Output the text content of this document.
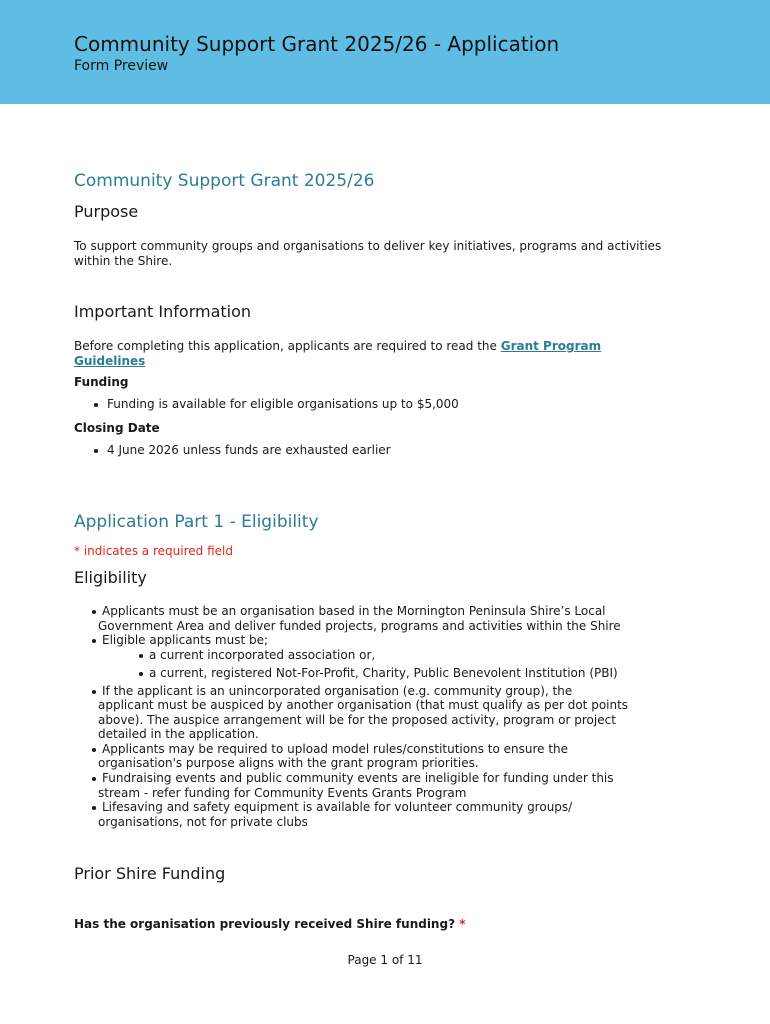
Community Support Grant 2025/26 - Application
Form Preview
Community Support Grant 2025/26
Purpose
To support community groups and organisations to deliver key initiatives, programs and activities within the Shire.
Important Information
Before completing this application, applicants are required to read the Grant Program Guidelines
Funding
Funding is available for eligible organisations up to $5,000
Closing Date
4 June 2026 unless funds are exhausted earlier
Application Part 1 - Eligibility
* indicates a required field
Eligibility
Applicants must be an organisation based in the Mornington Peninsula Shire’s Local
Government Area and deliver funded projects, programs and activities within the Shire
Eligible applicants must be;
a current incorporated association or,
a current, registered Not-For-Profit, Charity, Public Benevolent Institution (PBI)
If the applicant is an unincorporated organisation (e.g. community group), the
applicant must be auspiced by another organisation (that must qualify as per dot points
above). The auspice arrangement will be for the proposed activity, program or project
detailed in the application.
Applicants may be required to upload model rules/constitutions to ensure the
organisation's purpose aligns with the grant program priorities.
Fundraising events and public community events are ineligible for funding under this
stream - refer funding for Community Events Grants Program
Lifesaving and safety equipment is available for volunteer community groups/
organisations, not for private clubs
Prior Shire Funding
Has the organisation previously received Shire funding? *
Page 1 of 11
